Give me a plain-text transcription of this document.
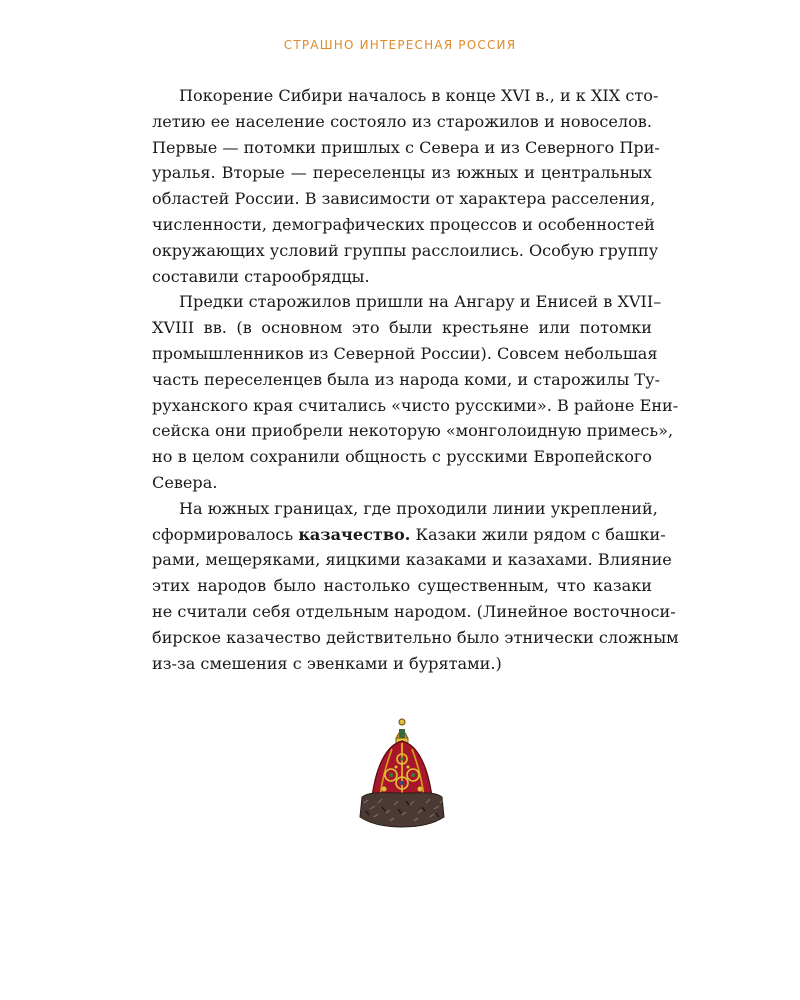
СТРАШНО ИНТЕРЕСНАЯ РОССИЯ
Покорение Сибири началось в конце XVI в., и к XIX сто-
летию ее население состояло из старожилов и новоселов.
Первые — потомки пришлых с Севера и из Северного При-
уралья. Вторые — переселенцы из южных и центральных
областей России. В зависимости от характера расселения,
численности, демографических процессов и особенностей
окружающих условий группы расслоились. Особую группу
составили старообрядцы.
Предки старожилов пришли на Ангару и Енисей в XVII–
XVIII вв. (в основном это были крестьяне или потомки
промышленников из Северной России). Совсем небольшая
часть переселенцев была из народа коми, и старожилы Ту-
руханского края считались «чисто русскими». В районе Ени-
сейска они приобрели некоторую «монголоидную примесь»,
но в целом сохранили общность с русскими Европейского
Севера.
На южных границах, где проходили линии укреплений,
сформировалось казачество. Казаки жили рядом с башки-
рами, мещеряками, яицкими казаками и казахами. Влияние
этих народов было настолько существенным, что казаки
не считали себя отдельным народом. (Линейное восточноси-
бирское казачество действительно было этнически сложным
из-за смешения с эвенками и бурятами.)
